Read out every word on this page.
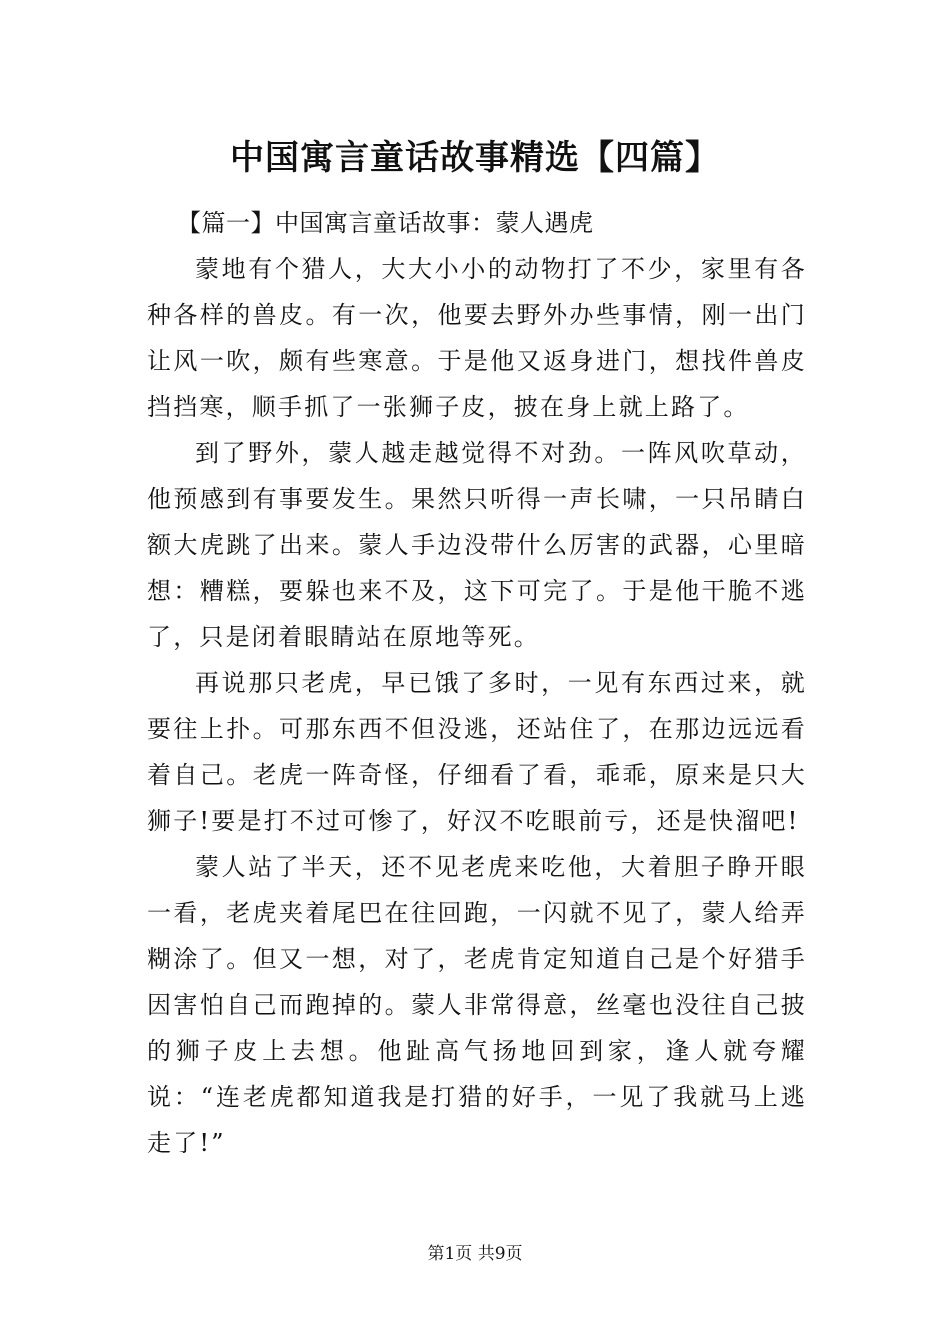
中国寓言童话故事精选【四篇】

【篇一】中国寓言童话故事：蒙人遇虎

蒙地有个猎人，大大小小的动物打了不少，家里有各种各样的兽皮。有一次，他要去野外办些事情，刚一出门让风一吹，颇有些寒意。于是他又返身进门，想找件兽皮挡挡寒，顺手抓了一张狮子皮，披在身上就上路了。

到了野外，蒙人越走越觉得不对劲。一阵风吹草动，他预感到有事要发生。果然只听得一声长啸，一只吊睛白额大虎跳了出来。蒙人手边没带什么厉害的武器，心里暗想：糟糕，要躲也来不及，这下可完了。于是他干脆不逃了，只是闭着眼睛站在原地等死。

再说那只老虎，早已饿了多时，一见有东西过来，就要往上扑。可那东西不但没逃，还站住了，在那边远远看着自己。老虎一阵奇怪，仔细看了看，乖乖，原来是只大狮子!要是打不过可惨了，好汉不吃眼前亏，还是快溜吧!

蒙人站了半天，还不见老虎来吃他，大着胆子睁开眼一看，老虎夹着尾巴在往回跑，一闪就不见了，蒙人给弄糊涂了。但又一想，对了，老虎肯定知道自己是个好猎手因害怕自己而跑掉的。蒙人非常得意，丝毫也没往自己披的狮子皮上去想。他趾高气扬地回到家，逢人就夸耀说：“连老虎都知道我是打猎的好手，一见了我就马上逃走了!”

第1页 共9页
